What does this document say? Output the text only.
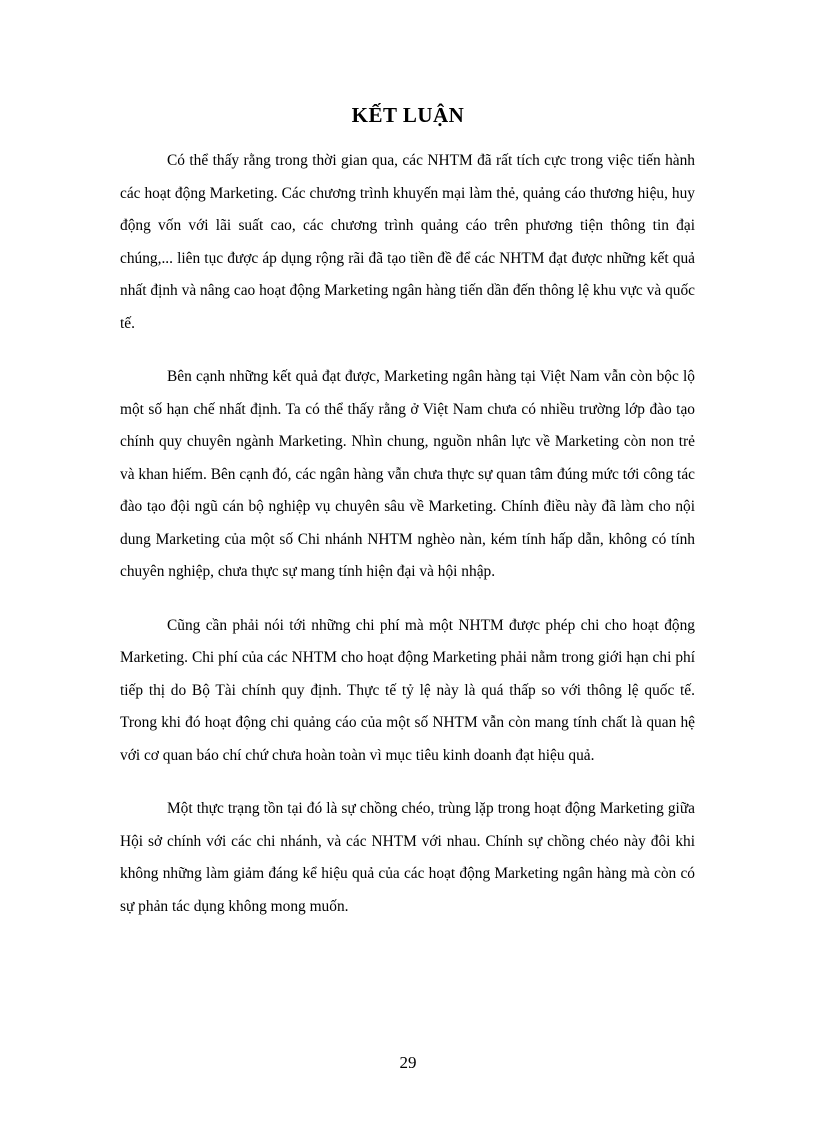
KẾT LUẬN

Có thể thấy rằng trong thời gian qua, các NHTM đã rất tích cực trong việc tiến hành các hoạt động Marketing. Các chương trình khuyến mại làm thẻ, quảng cáo thương hiệu, huy động vốn với lãi suất cao, các chương trình quảng cáo trên phương tiện thông tin đại chúng,... liên tục được áp dụng rộng rãi đã tạo tiền đề để các NHTM đạt được những kết quả nhất định và nâng cao hoạt động Marketing ngân hàng tiến dần đến thông lệ khu vực và quốc tế.

Bên cạnh những kết quả đạt được, Marketing ngân hàng tại Việt Nam vẫn còn bộc lộ một số hạn chế nhất định. Ta có thể thấy rằng ở Việt Nam chưa có nhiều trường lớp đào tạo chính quy chuyên ngành Marketing. Nhìn chung, nguồn nhân lực về Marketing còn non trẻ và khan hiếm. Bên cạnh đó, các ngân hàng vẫn chưa thực sự quan tâm đúng mức tới công tác đào tạo đội ngũ cán bộ nghiệp vụ chuyên sâu về Marketing. Chính điều này đã làm cho nội dung Marketing của một số Chi nhánh NHTM nghèo nàn, kém tính hấp dẫn, không có tính chuyên nghiệp, chưa thực sự mang tính hiện đại và hội nhập.

Cũng cần phải nói tới những chi phí mà một NHTM được phép chi cho hoạt động Marketing. Chi phí của các NHTM cho hoạt động Marketing phải nằm trong giới hạn chi phí tiếp thị do Bộ Tài chính quy định. Thực tế tỷ lệ này là quá thấp so với thông lệ quốc tế. Trong khi đó hoạt động chi quảng cáo của một số NHTM vẫn còn mang tính chất là quan hệ với cơ quan báo chí chứ chưa hoàn toàn vì mục tiêu kinh doanh đạt hiệu quả.

Một thực trạng tồn tại đó là sự chồng chéo, trùng lặp trong hoạt động Marketing giữa Hội sở chính với các chi nhánh, và các NHTM với nhau. Chính sự chồng chéo này đôi khi không những làm giảm đáng kể hiệu quả của các hoạt động Marketing ngân hàng mà còn có sự phản tác dụng không mong muốn.

29
